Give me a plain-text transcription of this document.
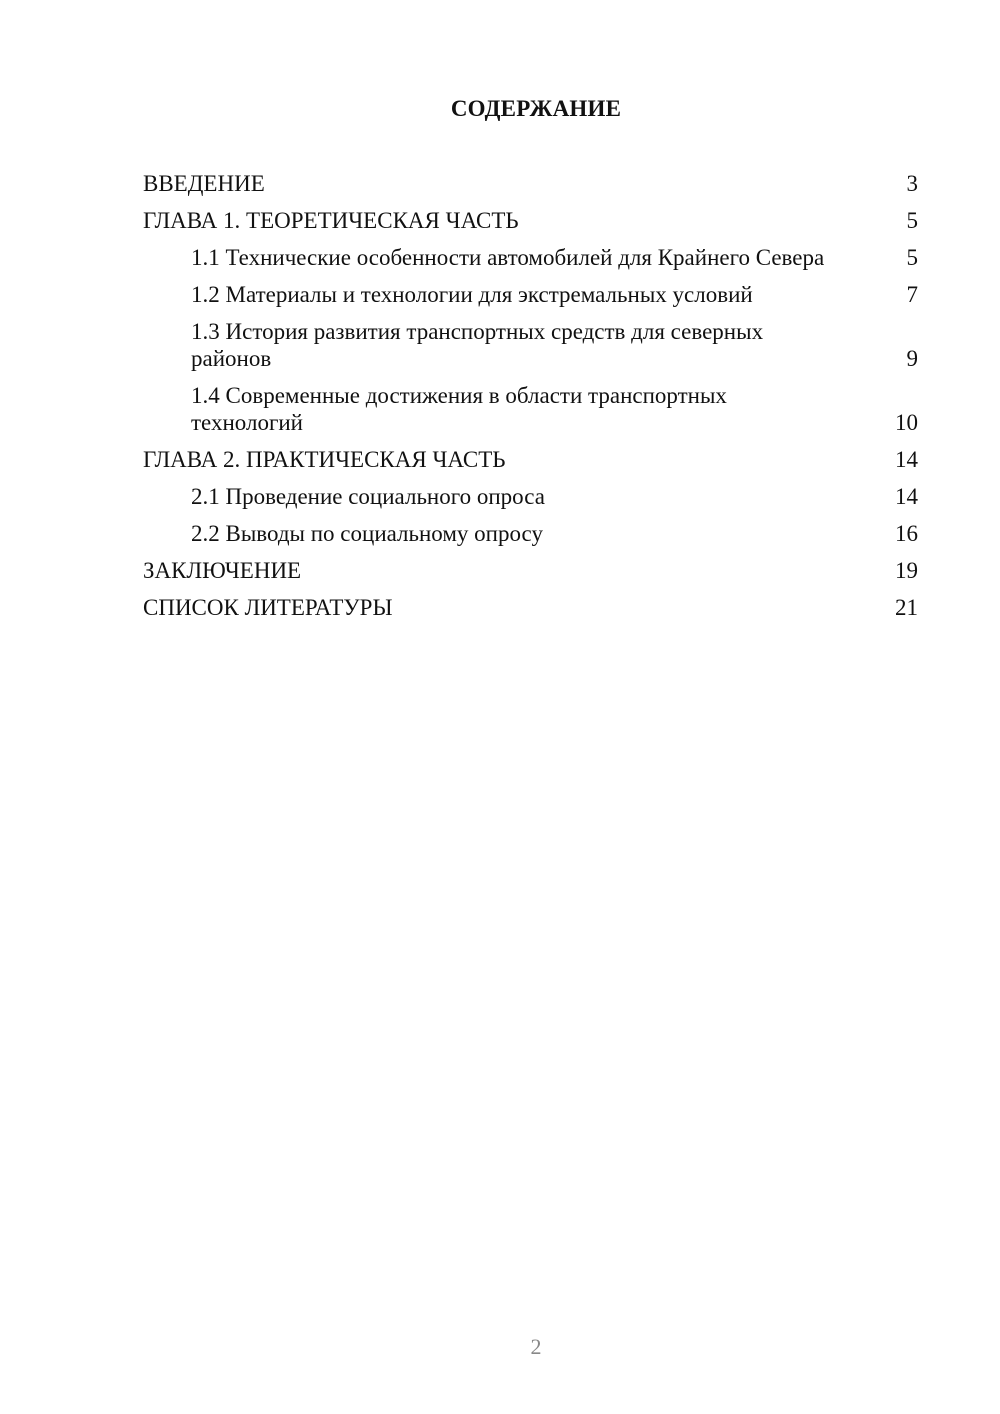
СОДЕРЖАНИЕ
ВВЕДЕНИЕ	3
ГЛАВА 1. ТЕОРЕТИЧЕСКАЯ ЧАСТЬ	5
1.1 Технические особенности автомобилей для Крайнего Севера	5
1.2 Материалы и технологии для экстремальных условий	7
1.3 История развития транспортных средств для северных районов	9
1.4 Современные достижения в области транспортных технологий	10
ГЛАВА 2. ПРАКТИЧЕСКАЯ ЧАСТЬ	14
2.1 Проведение социального опроса	14
2.2 Выводы по социальному опросу	16
ЗАКЛЮЧЕНИЕ	19
СПИСОК ЛИТЕРАТУРЫ	21
2
